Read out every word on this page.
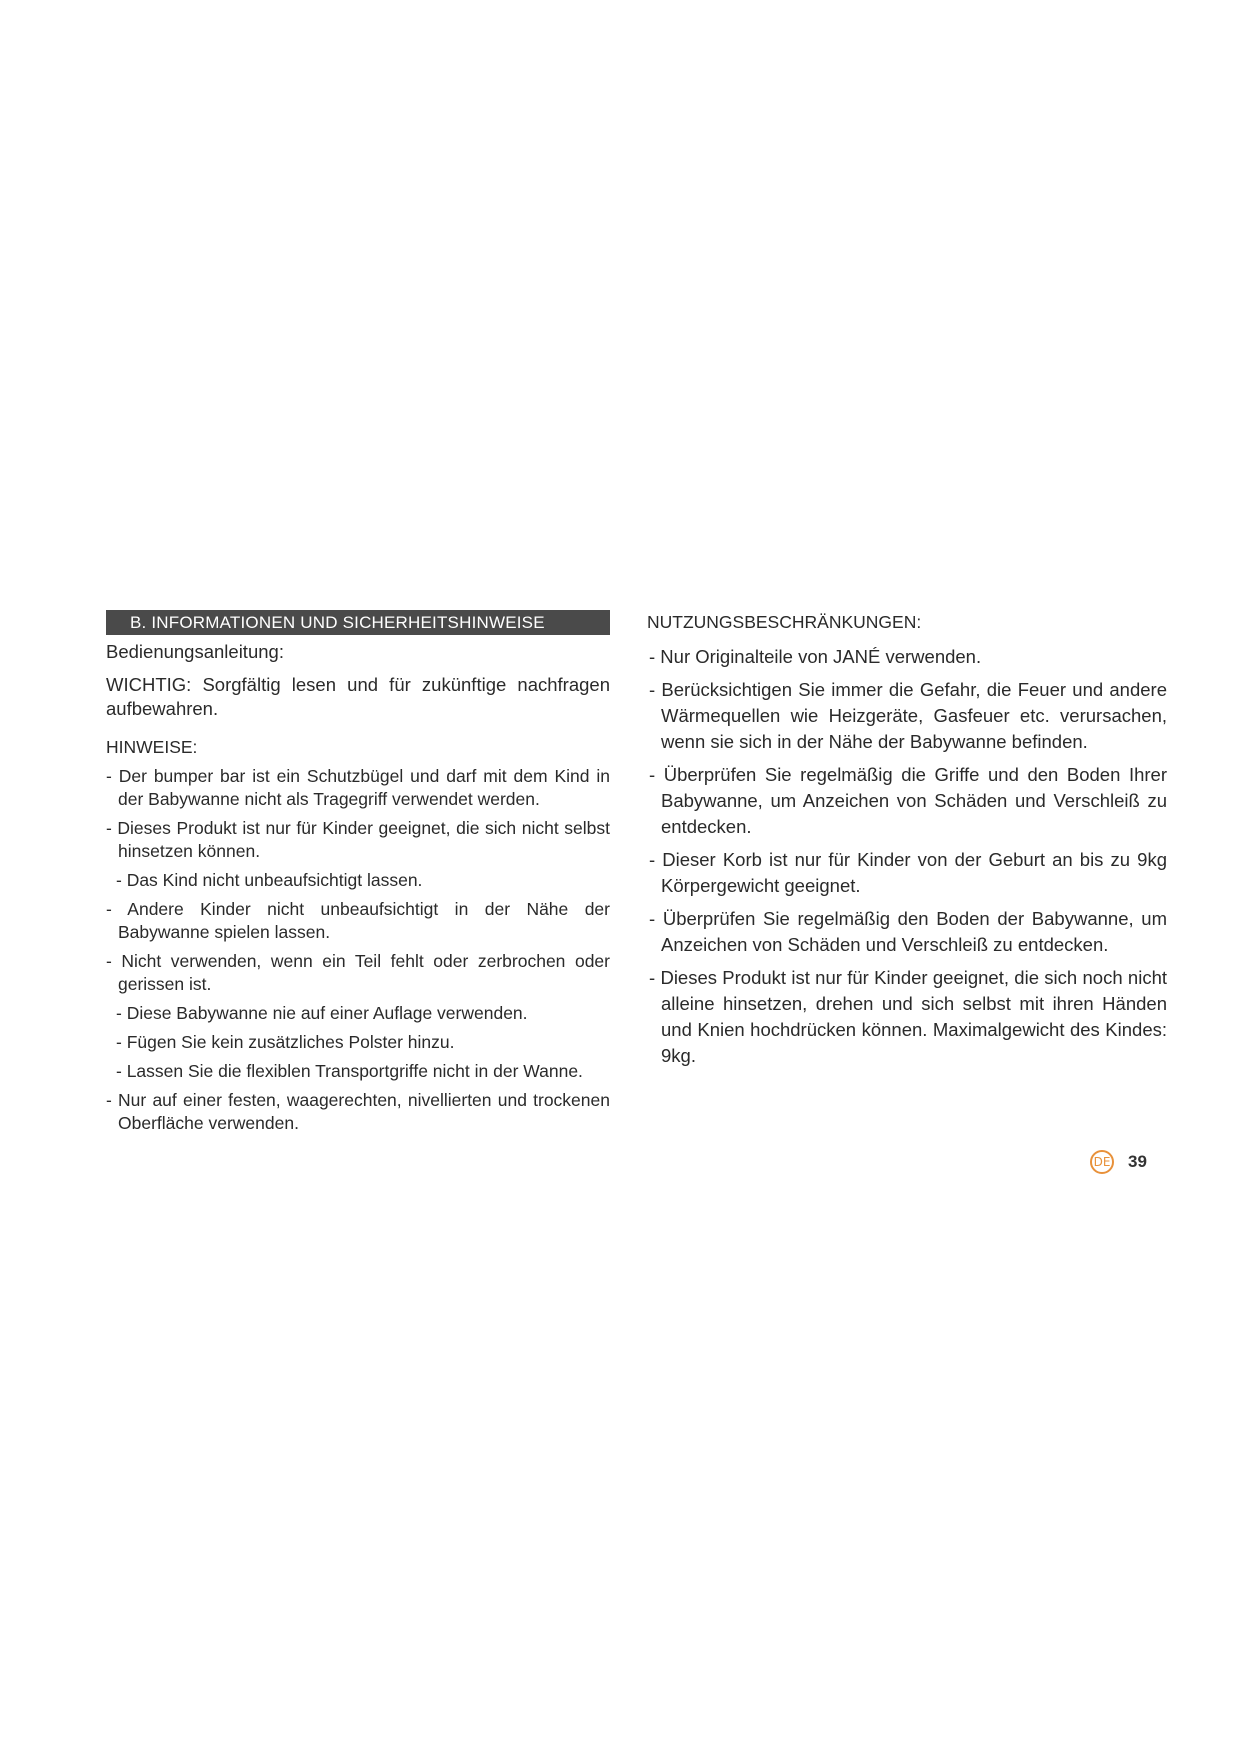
B. INFORMATIONEN UND SICHERHEITSHINWEISE
Bedienungsanleitung:
WICHTIG: Sorgfältig lesen und für zukünftige nachfragen aufbewahren.
HINWEISE:
- Der bumper bar ist ein Schutzbügel und darf mit dem Kind in der Babywanne nicht als Tragegriff verwendet werden.
- Dieses Produkt ist nur für Kinder geeignet, die sich nicht selbst hinsetzen können.
- Das Kind nicht unbeaufsichtigt lassen.
- Andere Kinder nicht unbeaufsichtigt in der Nähe der Babywanne spielen lassen.
- Nicht verwenden, wenn ein Teil fehlt oder zerbrochen oder gerissen ist.
- Diese Babywanne nie auf einer Auflage verwenden.
- Fügen Sie kein zusätzliches Polster hinzu.
- Lassen Sie die flexiblen Transportgriffe nicht in der Wanne.
- Nur auf einer festen, waagerechten, nivellierten und trockenen Oberfläche verwenden.
NUTZUNGSBESCHRÄNKUNGEN:
- Nur Originalteile von JANÉ verwenden.
- Berücksichtigen Sie immer die Gefahr, die Feuer und andere Wärmequellen wie Heizgeräte, Gasfeuer etc. verursachen, wenn sie sich in der Nähe der Babywanne befinden.
- Überprüfen Sie regelmäßig die Griffe und den Boden Ihrer Babywanne, um Anzeichen von Schäden und Verschleiß zu entdecken.
- Dieser Korb ist nur für Kinder von der Geburt an bis zu 9kg Körpergewicht geeignet.
- Überprüfen Sie regelmäßig den Boden der Babywanne, um Anzeichen von Schäden und Verschleiß zu entdecken.
- Dieses Produkt ist nur für Kinder geeignet, die sich noch nicht alleine hinsetzen, drehen und sich selbst mit ihren Händen und Knien hochdrücken können. Maximalgewicht des Kindes: 9kg.
DE 39
